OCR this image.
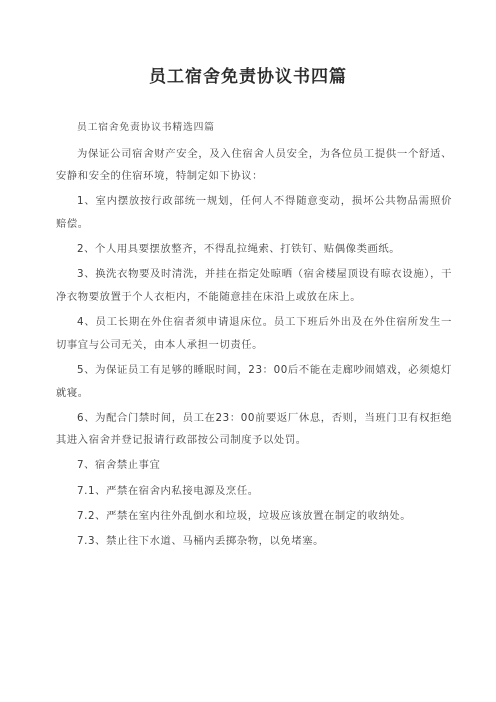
员工宿舍免责协议书四篇

员工宿舍免责协议书精选四篇

为保证公司宿舍财产安全，及入住宿舍人员安全，为各位员工提供一个舒适、安静和安全的住宿环境，特制定如下协议：

1、室内摆放按行政部统一规划，任何人不得随意变动，损坏公共物品需照价赔偿。

2、个人用具要摆放整齐，不得乱拉绳索、打铁钉、贴偶像类画纸。

3、换洗衣物要及时清洗，并挂在指定处晾晒（宿舍楼屋顶设有晾衣设施），干净衣物要放置于个人衣柜内，不能随意挂在床沿上或放在床上。

4、员工长期在外住宿者须申请退床位。员工下班后外出及在外住宿所发生一切事宜与公司无关，由本人承担一切责任。

5、为保证员工有足够的睡眠时间，23：00后不能在走廊吵闹嬉戏，必须熄灯就寝。

6、为配合门禁时间，员工在23：00前要返厂休息，否则，当班门卫有权拒绝其进入宿舍并登记报请行政部按公司制度予以处罚。

7、宿舍禁止事宜

7.1、严禁在宿舍内私接电源及烹任。

7.2、严禁在室内往外乱倒水和垃圾，垃圾应该放置在制定的收纳处。

7.3、禁止往下水道、马桶内丢掷杂物，以免堵塞。
